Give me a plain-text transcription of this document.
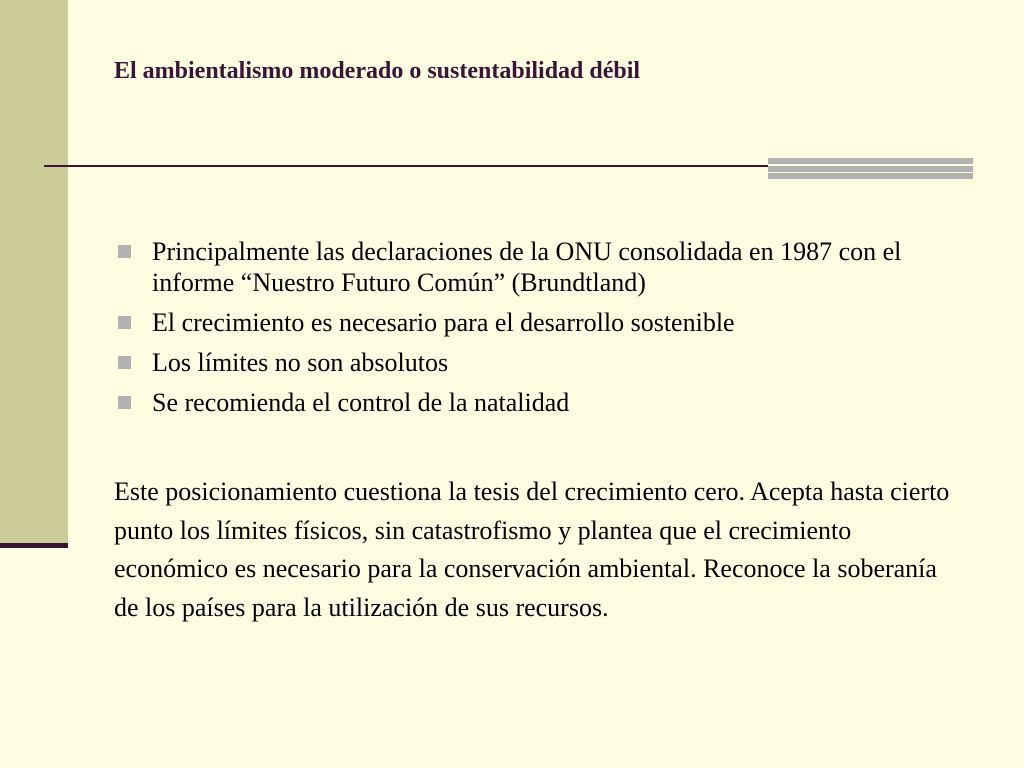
El ambientalismo moderado o sustentabilidad débil
Principalmente las declaraciones de la ONU consolidada en 1987 con el informe “Nuestro Futuro Común” (Brundtland)
El crecimiento es necesario para el desarrollo sostenible
Los límites no son absolutos
Se recomienda el control de la natalidad

Este posicionamiento cuestiona la tesis del crecimiento cero. Acepta hasta cierto punto los límites físicos, sin catastrofismo y plantea que el crecimiento económico es necesario para la conservación ambiental. Reconoce la soberanía de los países para la utilización de sus recursos.
